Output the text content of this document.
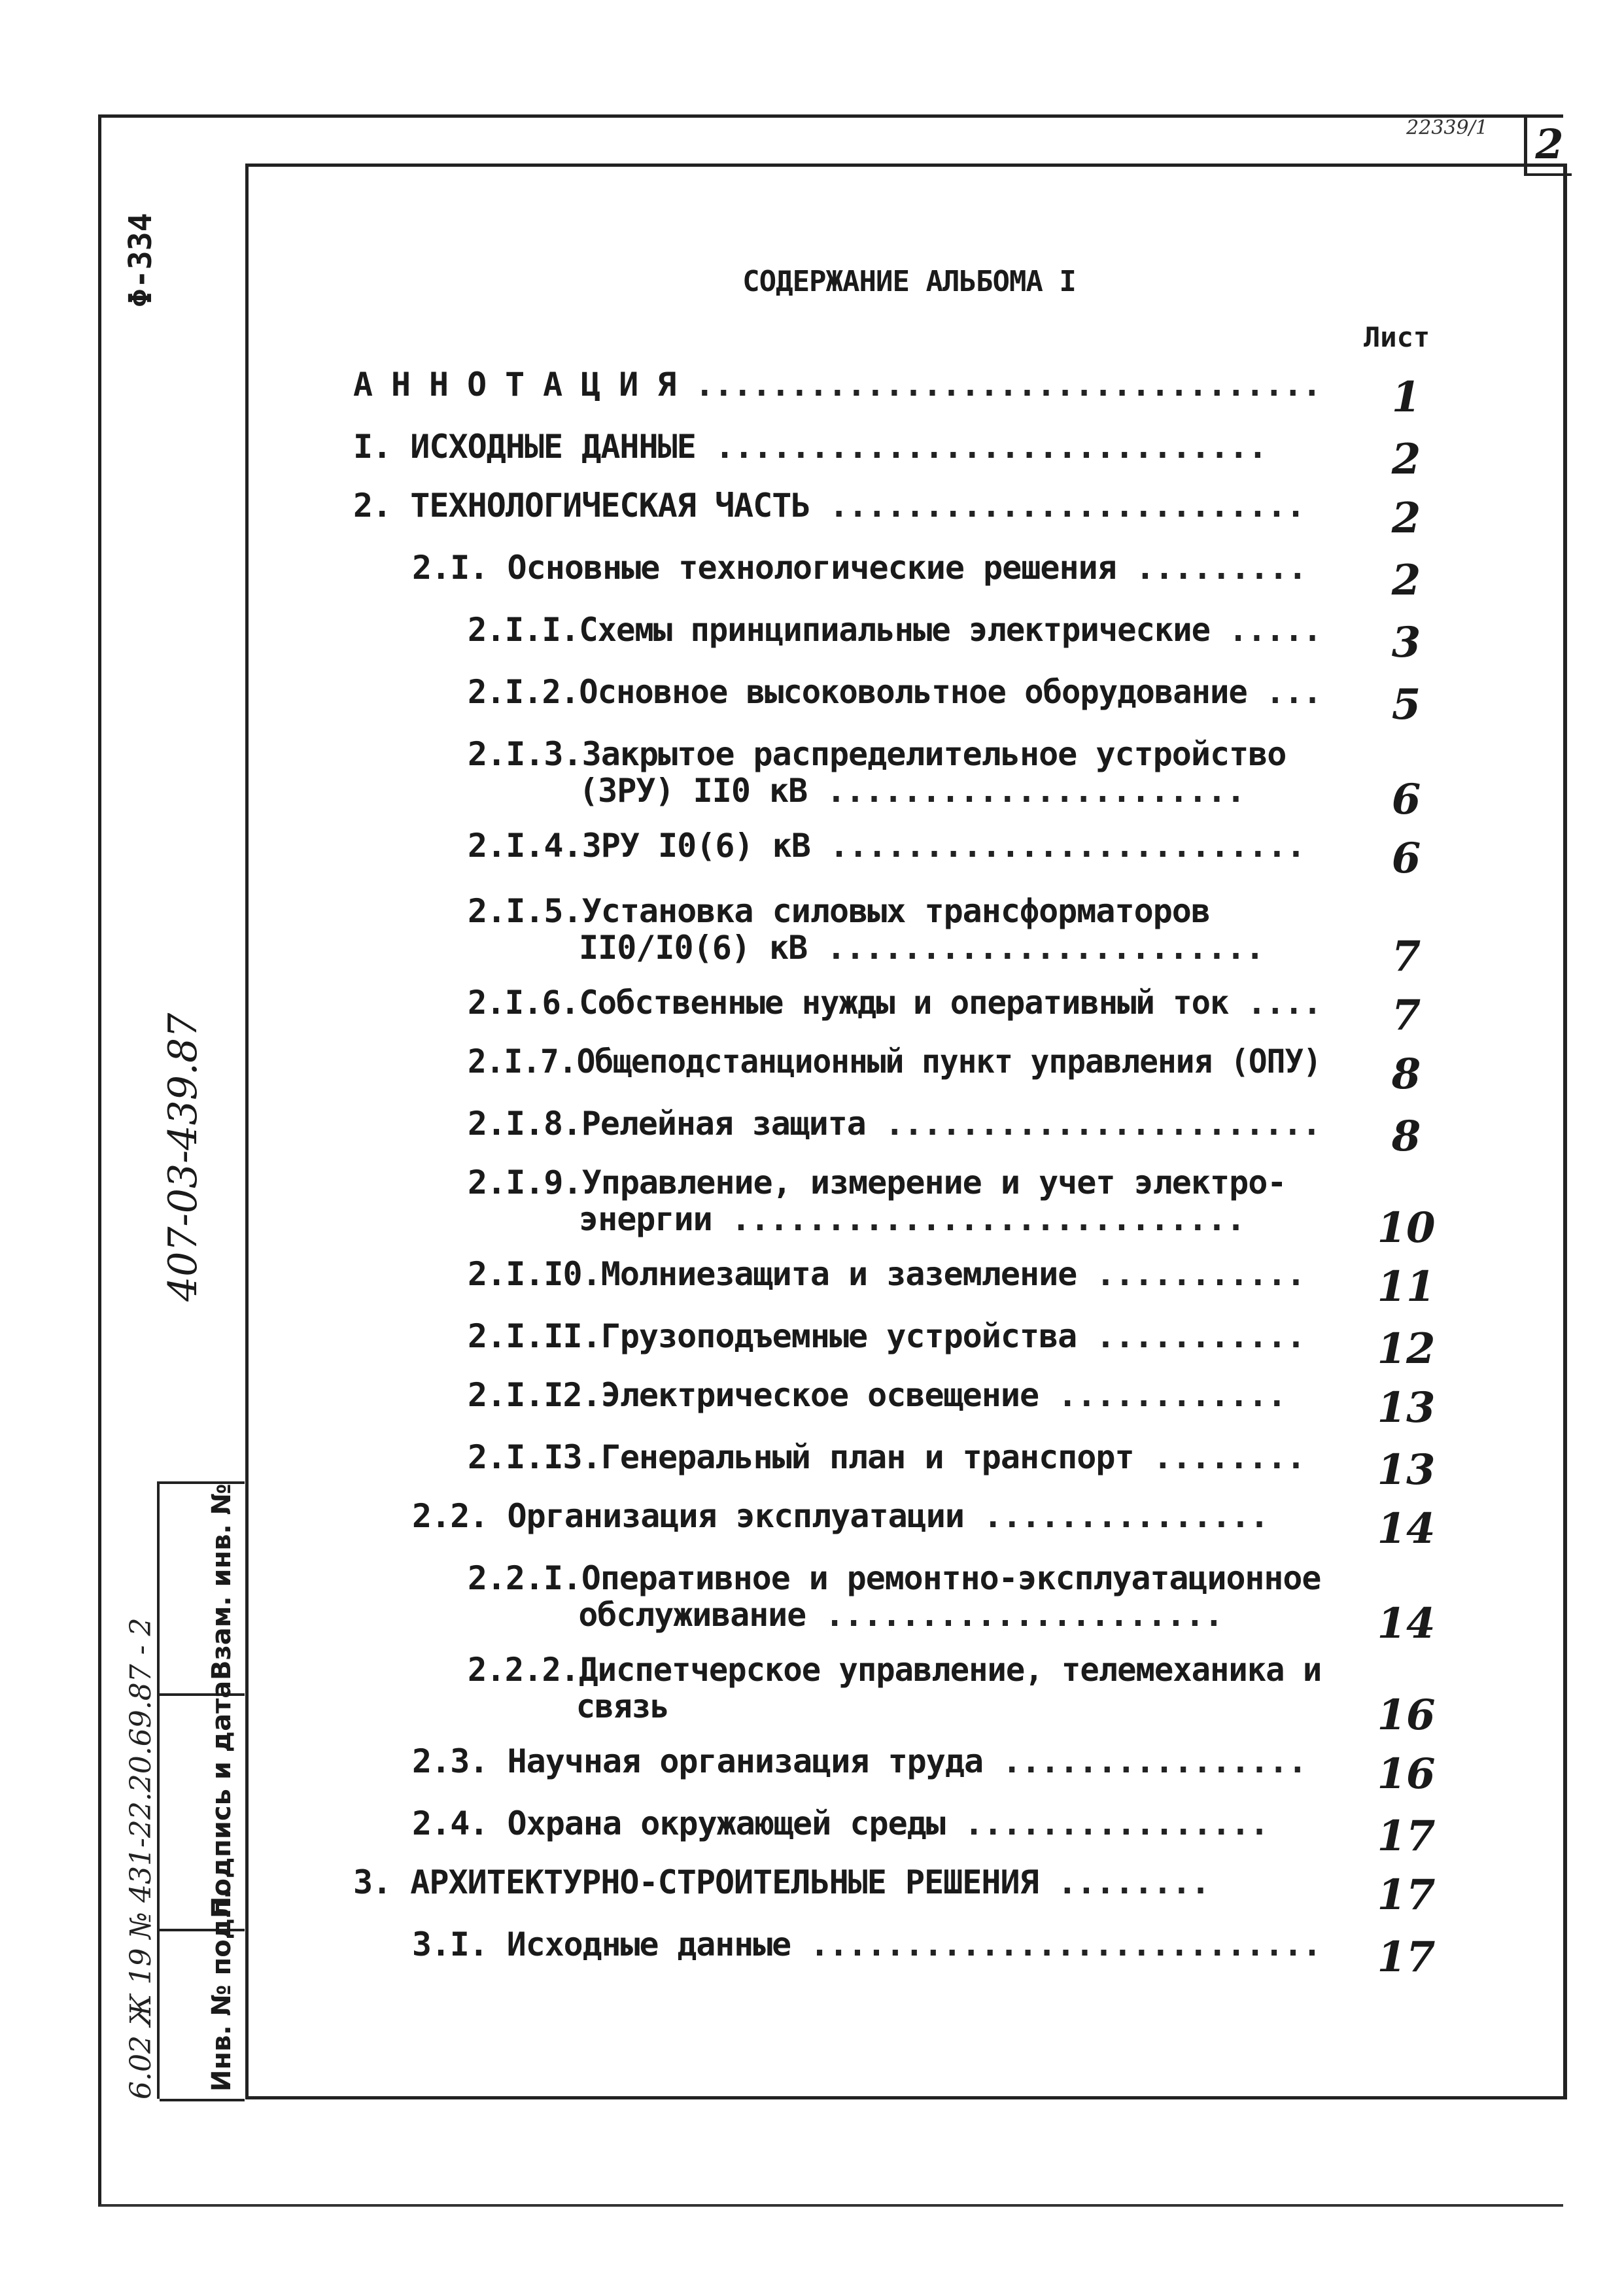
22339/1	2
Φ-334
407-03-439.87
Взам. инв. №
Подпись и дата
Инв. № подл.
6.02 Ж 19 № 431-22.20.69.87 - 2
СОДЕРЖАНИЕ АЛЬБОМА I
Лист
А Н Н О Т А Ц И Я .................................	1
I. ИСХОДНЫЕ ДАННЫЕ .............................	2
2. ТЕХНОЛОГИЧЕСКАЯ ЧАСТЬ .........................	2
2.I. Основные технологические решения .........	2
2.I.I.Схемы принципиальные электрические .....	3
2.I.2.Основное высоковольтное оборудование ...	5
2.I.3.Закрытое распределительное устройство
(ЗРУ) II0 кВ ......................	6
2.I.4.ЗРУ I0(6) кВ .........................	6
2.I.5.Установка силовых трансформаторов
II0/I0(6) кВ .......................	7
2.I.6.Собственные нужды и оперативный ток ....	7
2.I.7.Общеподстанционный пункт управления (ОПУ)	8
2.I.8.Релейная защита .......................	8
2.I.9.Управление, измерение и учет электро-
энергии ...........................	10
2.I.I0.Молниезащита и заземление ........... 11
2.I.II.Грузоподъемные устройства ........... 12
2.I.I2.Электрическое освещение ............ 13
2.I.I3.Генеральный план и транспорт ........ 13
2.2. Организация эксплуатации ...............	14
2.2.I.Оперативное и ремонтно-эксплуатационное
обслуживание .....................	14
2.2.2.Диспетчерское управление, телемеханика и
связь	16
2.3. Научная организация труда ................ 16
2.4. Охрана окружающей среды ................	17
3. АРХИТЕКТУРНО-СТРОИТЕЛЬНЫЕ РЕШЕНИЯ ........	17
3.I. Исходные данные ........................... 17
